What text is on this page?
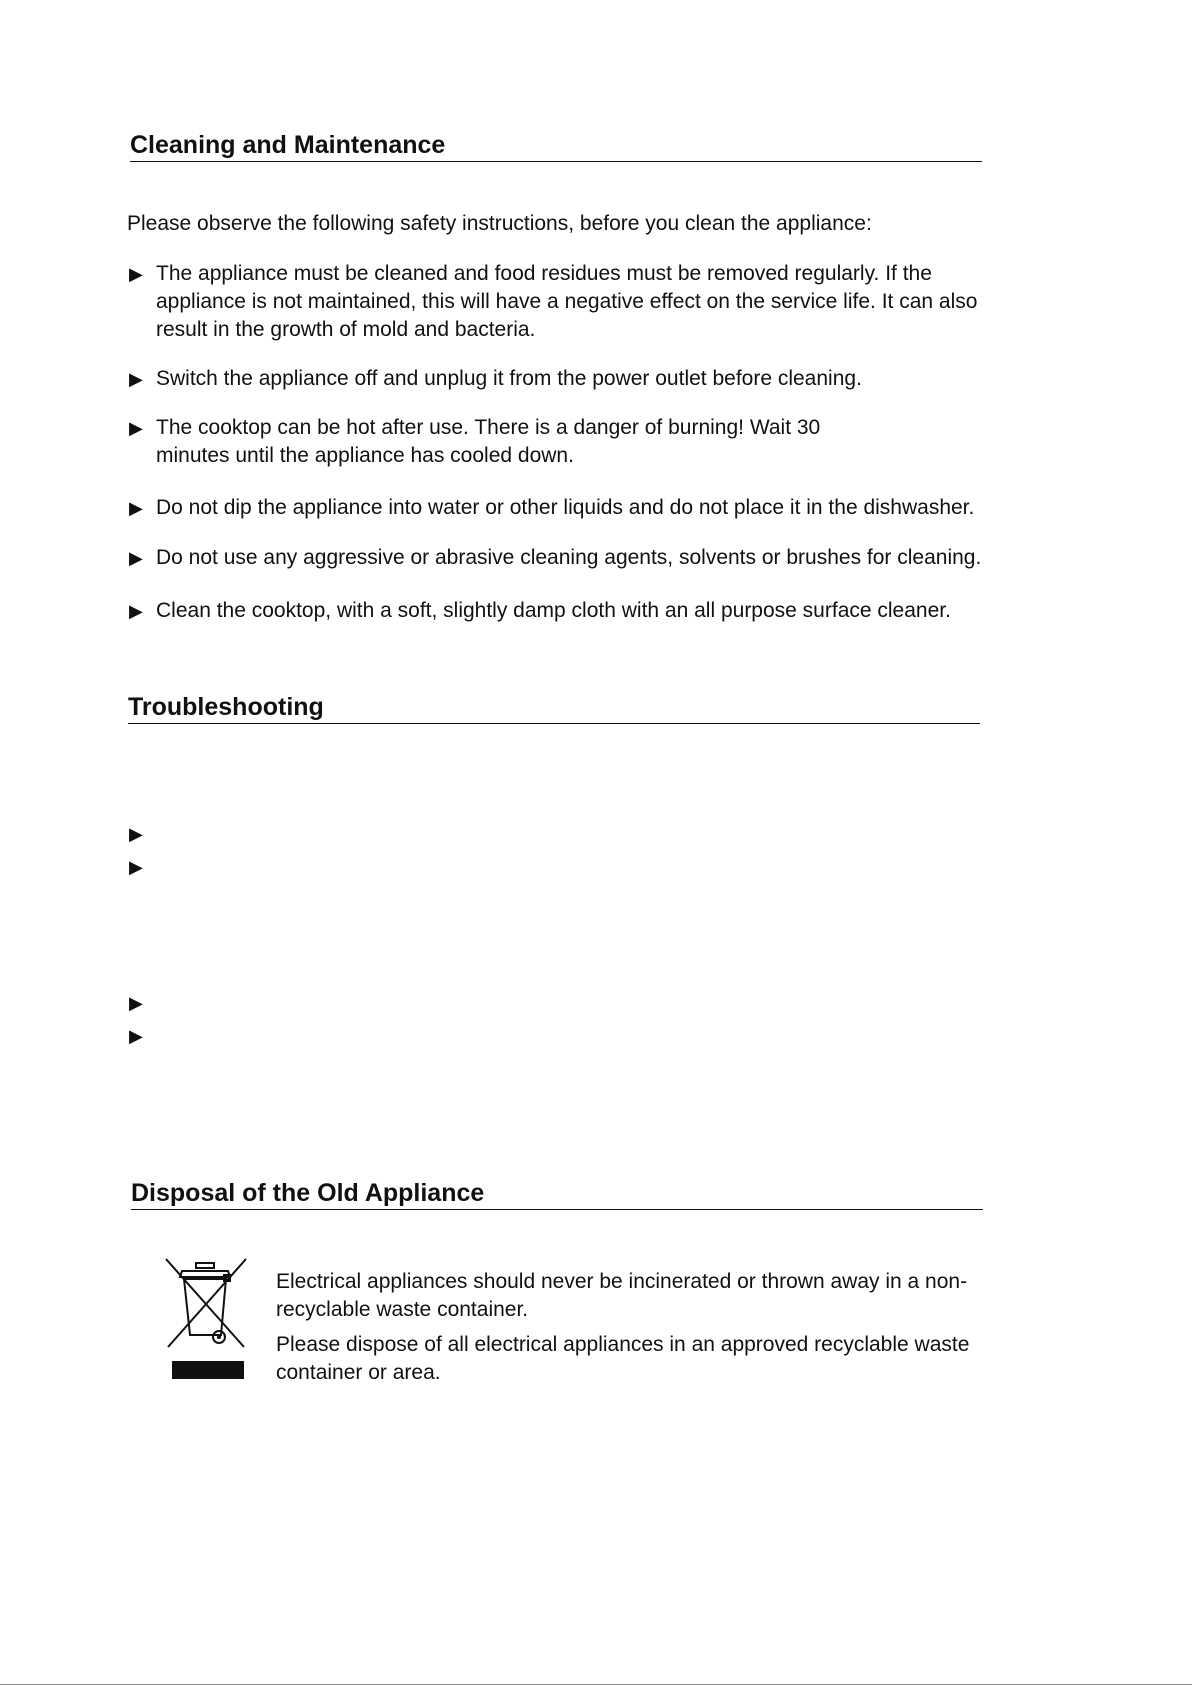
Cleaning and Maintenance
Please observe the following safety instructions, before you clean the appliance:
▶ The appliance must be cleaned and food residues must be removed regularly. If the appliance is not maintained, this will have a negative effect on the service life. It can also result in the growth of mold and bacteria.
▶ Switch the appliance off and unplug it from the power outlet before cleaning.
▶ The cooktop can be hot after use. There is a danger of burning! Wait 30 minutes until the appliance has cooled down.
▶ Do not dip the appliance into water or other liquids and do not place it in the dishwasher.
▶ Do not use any aggressive or abrasive cleaning agents, solvents or brushes for cleaning.
▶ Clean the cooktop, with a soft, slightly damp cloth with an all purpose surface cleaner.
Troubleshooting
▶
▶
▶
▶
Disposal of the Old Appliance

Electrical appliances should never be incinerated or thrown away in a non-recyclable waste container.

Please dispose of all electrical appliances in an approved recyclable waste container or area.
